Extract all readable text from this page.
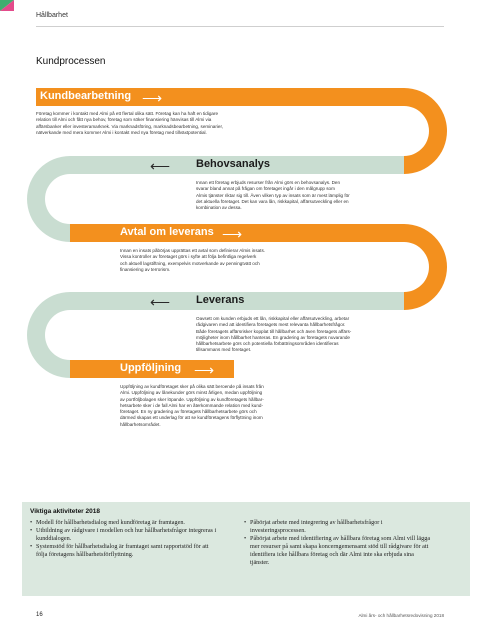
Hållbarhet
Kundprocessen
Kundbearbetning ⟶
Företag kommer i kontakt med Almi på ett flertal olika sätt. Företag kan ha haft en tidigare
relation till Almi och fått nya behov, företag som söker finansiering hänvisas till Almi via
affärsbanker eller investeramarknek. Via marknadsföring, marknadsbearbetning, seminarier,
nätverkande med mera kommer Almi i kontakt med nya företag med tillväxtpotential.
⟵ Behovsanalys
Innan ett företag erbjuds resurser från Almi görs en behovsanalys. Den
svarar bland annat på frågan om företaget ingår i den målgrupp som
Almis tjänster riktar sig till. Även vilken typ av insats som är mest lämplig för
det aktuella företaget. Det kan vara lån, riskkapital, affärsutveckling eller en
kombination av dessa.
Avtal om leverans ⟶
Innan en insats påbörjas upprättas ett avtal som definierar Almis insats.
Vissa kontroller av företaget görs i syfte att följa befintliga regelverk
och aktuell lagstiftning, exempelvis motverkande av penningtvätt och
finansiering av terrorism.
⟵ Leverans
Oavsett om kunden erbjuds ett lån, riskkapital eller affärsutveckling, arbetar
rådgivaren med att identifiera företagets mest relevanta hållbarhetsfrågor.
Både företagets affärsrisker kopplat till hållbarhet och även företagets affärs-
möjligheter inom hållbarhet hanteras. En gradering av företagets nuvarande
hållbarhetsarbete görs och potentiella förbättringsområden identifieras
tillsammans med företaget.
Uppföljning ⟶
Uppföljning av kundföretaget sker på olika sätt beroende på insats från
Almi. Uppföljning av lånekunder görs minst årligen, medan uppföljning
av portföljbolagen sker löpande. Uppföljning av kundföretagets hållbar-
hetsarbete sker i de fall Almi har en återkommande relation med kund-
företaget. En ny gradering av företagets hållbarhetsarbete görs och
därmed skapas ett underlag för att se kundföretagens förflyttning inom
hållbarhetsområdet.
Viktiga aktiviteter 2018
• Modell för hållbarhetsdialog med kundföretag är framtagen.
• Utbildning av rådgivare i modellen och hur hållbarhetsfrågor integreras i kunddialogen.
• Systemstöd för hållbarhetsdialog är framtaget samt rapportstöd för att följa företagens hållbarhetsförflyttning.
• Påbörjat arbete med integrering av hållbarhetsfrågor i investeringsprocessen.
• Påbörjat arbete med identifiering av hållbara företag som Almi vill lägga mer resurser på samt skapa koncerngemensamt stöd till rådgivare för att identifiera icke hållbara företag och där Almi inte ska erbjuda sina tjänster.
16	Almi års- och hållbarhetsredovisning 2018
